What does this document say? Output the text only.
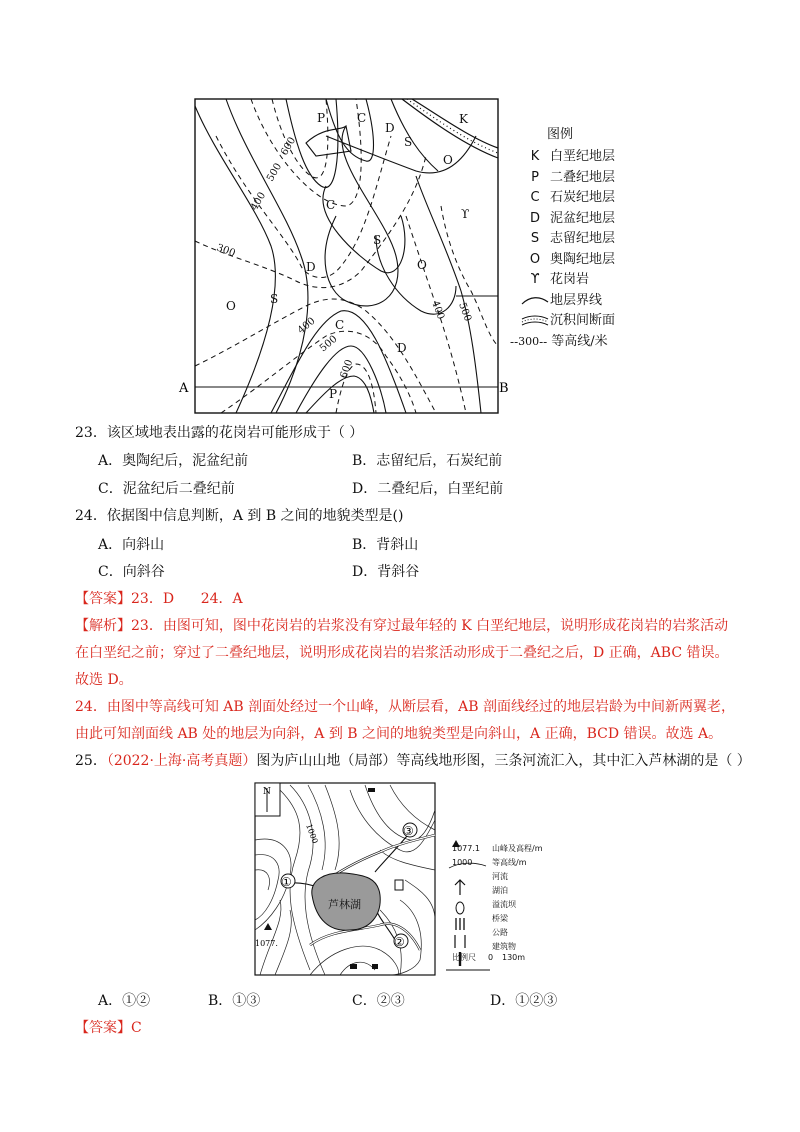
P	C
D
K
S
O
C
S
D	O
ϒ
O	S
C
D
P
600
500
400
300
400
500
500
400
600
A	B
图例
K 白垩纪地层
P 二叠纪地层
C 石炭纪地层
D 泥盆纪地层
S 志留纪地层
O 奥陶纪地层
ϒ 花岗岩
地层界线
沉积间断面
- - 300 -- 等高线/米
23．该区域地表出露的花岗岩可能形成于（ ）
A．奥陶纪后，泥盆纪前	B．志留纪后，石炭纪前
C．泥盆纪后二叠纪前	D．二叠纪后，白垩纪前
24．依据图中信息判断，A 到 B 之间的地貌类型是()
A．向斜山	B．背斜山
C．向斜谷	D．背斜谷
【答案】23．D      24．A
【解析】23．由图可知，图中花岗岩的岩浆没有穿过最年轻的 K 白垩纪地层，说明形成花岗岩的岩浆活动
在白垩纪之前；穿过了二叠纪地层，说明形成花岗岩的岩浆活动形成于二叠纪之后，D 正确，ABC 错误。
故选 D。
24．由图中等高线可知 AB 剖面处经过一个山峰，从断层看，AB 剖面线经过的地层岩龄为中间新两翼老，
由此可知剖面线 AB 处的地层为向斜，A 到 B 之间的地貌类型是向斜山，A 正确，BCD 错误。故选 A。
25．（2022·上海·高考真题）图为庐山山地（局部）等高线地形图，三条河流汇入，其中汇入芦林湖的是（ ）
N
芦林湖
1000
1077.
①
②
③
1077.1	山峰及高程/m
1000	等高线/m
河流
湖泊
溢流坝
桥梁
公路
建筑物
比例尺	0	130m
A．①②	B．①③	C．②③	D．①②③
【答案】C
